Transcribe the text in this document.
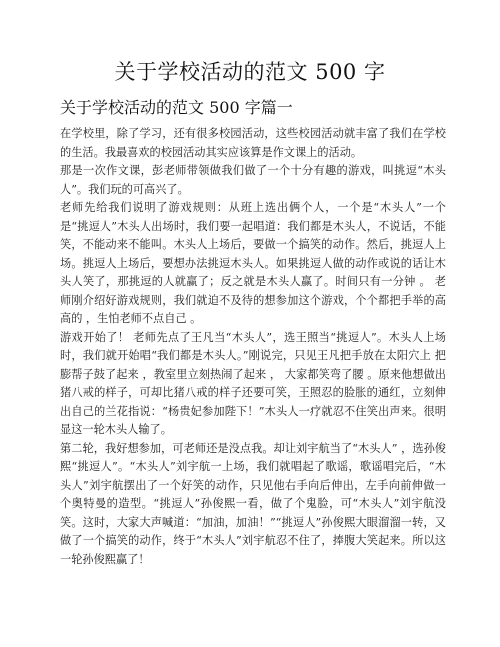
关于学校活动的范文 500 字
关于学校活动的范文 500 字篇一

在学校里，除了学习，还有很多校园活动，这些校园活动就丰富了我们在学校的生活。我最喜欢的校园活动其实应该算是作文课上的活动。

那是一次作文课，彭老师带领做我们做了一个十分有趣的游戏，叫挑逗“木头人”。我们玩的可高兴了。

老师先给我们说明了游戏规则：从班上选出俩个人，一个是“木头人”一个是“挑逗人”木头人出场时，我们要一起唱道：我们都是木头人，不说话，不能笑，不能动来不能叫。木头人上场后，要做一个搞笑的动作。然后，挑逗人上场。挑逗人上场后，要想办法挑逗木头人。如果挑逗人做的动作或说的话让木头人笑了，那挑逗的人就赢了；反之就是木头人赢了。时间只有一分钟 。 老师刚介绍好游戏规则，我们就迫不及待的想参加这个游戏，个个都把手举的高高的 ，生怕老师不点自己 。

游戏开始了！ 老师先点了王凡当“木头人”，选王照当“挑逗人”。木头人上场时，我们就开始唱“我们都是木头人。”刚说完，只见王凡把手放在太阳穴上 把膨帮子鼓了起来 ，教室里立刻热闹了起来 ， 大家都笑弯了腰 。原来他想做出猪八戒的样子，可却比猪八戒的样子还要可笑，王照忍的脸胀的通红，立刻伸出自己的兰花指说：“杨贵妃参加陛下！”木头人一疗就忍不住笑出声来。很明显这一轮木头人输了。

第二轮，我好想参加，可老师还是没点我。却让刘宇航当了“木头人” ，选孙俊熙“挑逗人”。“木头人”刘宇航一上场，我们就唱起了歌谣，歌谣唱完后，“木头人”刘宇航摆出了一个好笑的动作，只见他右手向后伸出，左手向前伸做一个奥特曼的造型。“挑逗人”孙俊熙一看，做了个鬼脸，可“木头人”刘宇航没笑。这时，大家大声喊道：“加油，加油！”“挑逗人”孙俊熙大眼溜溜一转，又做了一个搞笑的动作，终于“木头人”刘宇航忍不住了，捧腹大笑起来。所以这一轮孙俊熙赢了！
